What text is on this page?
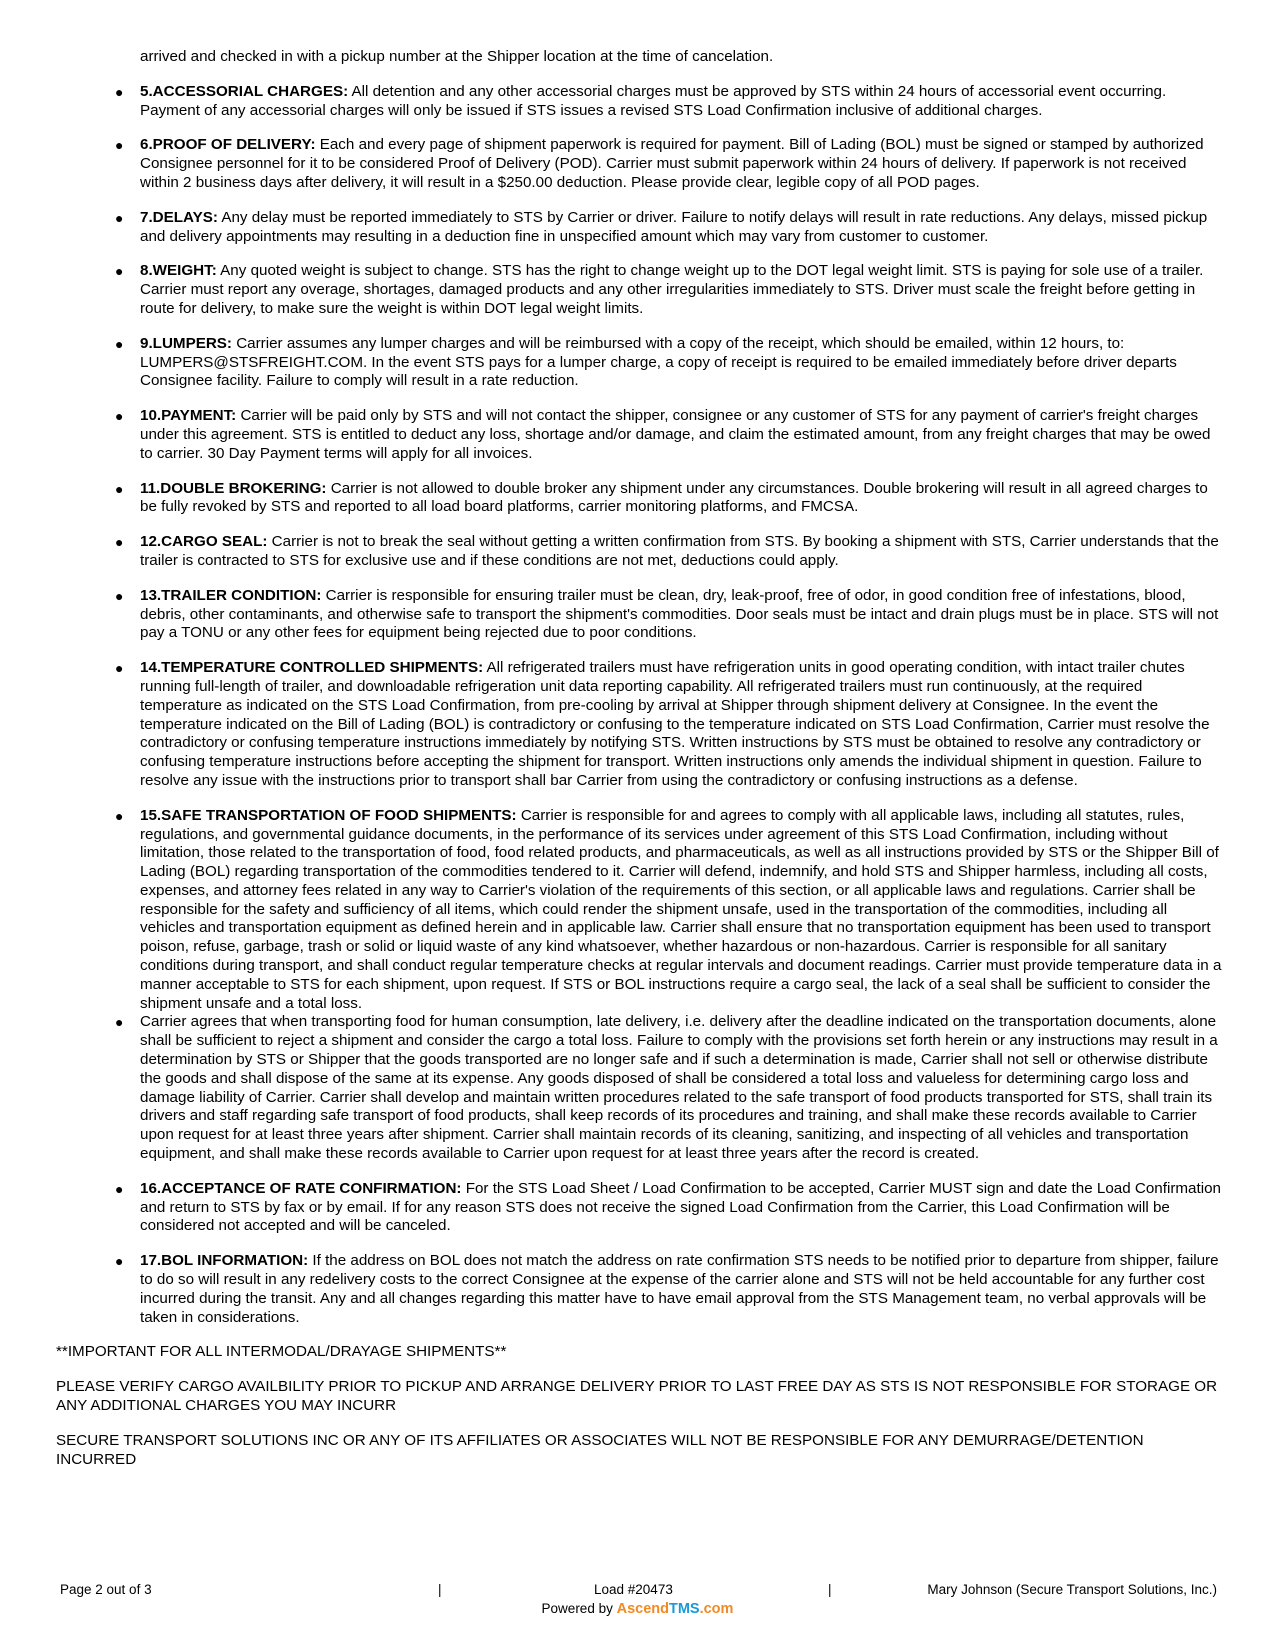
arrived and checked in with a pickup number at the Shipper location at the time of cancelation.
● 5.ACCESSORIAL CHARGES: All detention and any other accessorial charges must be approved by STS within 24 hours of accessorial event occurring. Payment of any accessorial charges will only be issued if STS issues a revised STS Load Confirmation inclusive of additional charges.
● 6.PROOF OF DELIVERY: Each and every page of shipment paperwork is required for payment. Bill of Lading (BOL) must be signed or stamped by authorized Consignee personnel for it to be considered Proof of Delivery (POD). Carrier must submit paperwork within 24 hours of delivery. If paperwork is not received within 2 business days after delivery, it will result in a $250.00 deduction. Please provide clear, legible copy of all POD pages.
● 7.DELAYS: Any delay must be reported immediately to STS by Carrier or driver. Failure to notify delays will result in rate reductions. Any delays, missed pickup and delivery appointments may resulting in a deduction fine in unspecified amount which may vary from customer to customer.
● 8.WEIGHT: Any quoted weight is subject to change. STS has the right to change weight up to the DOT legal weight limit. STS is paying for sole use of a trailer. Carrier must report any overage, shortages, damaged products and any other irregularities immediately to STS. Driver must scale the freight before getting in route for delivery, to make sure the weight is within DOT legal weight limits.
● 9.LUMPERS: Carrier assumes any lumper charges and will be reimbursed with a copy of the receipt, which should be emailed, within 12 hours, to: LUMPERS@STSFREIGHT.COM. In the event STS pays for a lumper charge, a copy of receipt is required to be emailed immediately before driver departs Consignee facility. Failure to comply will result in a rate reduction.
● 10.PAYMENT: Carrier will be paid only by STS and will not contact the shipper, consignee or any customer of STS for any payment of carrier's freight charges under this agreement. STS is entitled to deduct any loss, shortage and/or damage, and claim the estimated amount, from any freight charges that may be owed to carrier. 30 Day Payment terms will apply for all invoices.
● 11.DOUBLE BROKERING: Carrier is not allowed to double broker any shipment under any circumstances. Double brokering will result in all agreed charges to be fully revoked by STS and reported to all load board platforms, carrier monitoring platforms, and FMCSA.
● 12.CARGO SEAL: Carrier is not to break the seal without getting a written confirmation from STS. By booking a shipment with STS, Carrier understands that the trailer is contracted to STS for exclusive use and if these conditions are not met, deductions could apply.
● 13.TRAILER CONDITION: Carrier is responsible for ensuring trailer must be clean, dry, leak-proof, free of odor, in good condition free of infestations, blood, debris, other contaminants, and otherwise safe to transport the shipment's commodities. Door seals must be intact and drain plugs must be in place. STS will not pay a TONU or any other fees for equipment being rejected due to poor conditions.
● 14.TEMPERATURE CONTROLLED SHIPMENTS: All refrigerated trailers must have refrigeration units in good operating condition, with intact trailer chutes running full-length of trailer, and downloadable refrigeration unit data reporting capability. All refrigerated trailers must run continuously, at the required temperature as indicated on the STS Load Confirmation, from pre-cooling by arrival at Shipper through shipment delivery at Consignee. In the event the temperature indicated on the Bill of Lading (BOL) is contradictory or confusing to the temperature indicated on STS Load Confirmation, Carrier must resolve the contradictory or confusing temperature instructions immediately by notifying STS. Written instructions by STS must be obtained to resolve any contradictory or confusing temperature instructions before accepting the shipment for transport. Written instructions only amends the individual shipment in question. Failure to resolve any issue with the instructions prior to transport shall bar Carrier from using the contradictory or confusing instructions as a defense.
● 15.SAFE TRANSPORTATION OF FOOD SHIPMENTS: Carrier is responsible for and agrees to comply with all applicable laws, including all statutes, rules, regulations, and governmental guidance documents, in the performance of its services under agreement of this STS Load Confirmation, including without limitation, those related to the transportation of food, food related products, and pharmaceuticals, as well as all instructions provided by STS or the Shipper Bill of Lading (BOL) regarding transportation of the commodities tendered to it. Carrier will defend, indemnify, and hold STS and Shipper harmless, including all costs, expenses, and attorney fees related in any way to Carrier's violation of the requirements of this section, or all applicable laws and regulations. Carrier shall be responsible for the safety and sufficiency of all items, which could render the shipment unsafe, used in the transportation of the commodities, including all vehicles and transportation equipment as defined herein and in applicable law. Carrier shall ensure that no transportation equipment has been used to transport poison, refuse, garbage, trash or solid or liquid waste of any kind whatsoever, whether hazardous or non-hazardous. Carrier is responsible for all sanitary conditions during transport, and shall conduct regular temperature checks at regular intervals and document readings. Carrier must provide temperature data in a manner acceptable to STS for each shipment, upon request. If STS or BOL instructions require a cargo seal, the lack of a seal shall be sufficient to consider the shipment unsafe and a total loss.
● Carrier agrees that when transporting food for human consumption, late delivery, i.e. delivery after the deadline indicated on the transportation documents, alone shall be sufficient to reject a shipment and consider the cargo a total loss. Failure to comply with the provisions set forth herein or any instructions may result in a determination by STS or Shipper that the goods transported are no longer safe and if such a determination is made, Carrier shall not sell or otherwise distribute the goods and shall dispose of the same at its expense. Any goods disposed of shall be considered a total loss and valueless for determining cargo loss and damage liability of Carrier. Carrier shall develop and maintain written procedures related to the safe transport of food products transported for STS, shall train its drivers and staff regarding safe transport of food products, shall keep records of its procedures and training, and shall make these records available to Carrier upon request for at least three years after shipment. Carrier shall maintain records of its cleaning, sanitizing, and inspecting of all vehicles and transportation equipment, and shall make these records available to Carrier upon request for at least three years after the record is created.
● 16.ACCEPTANCE OF RATE CONFIRMATION: For the STS Load Sheet / Load Confirmation to be accepted, Carrier MUST sign and date the Load Confirmation and return to STS by fax or by email. If for any reason STS does not receive the signed Load Confirmation from the Carrier, this Load Confirmation will be considered not accepted and will be canceled.
● 17.BOL INFORMATION: If the address on BOL does not match the address on rate confirmation STS needs to be notified prior to departure from shipper, failure to do so will result in any redelivery costs to the correct Consignee at the expense of the carrier alone and STS will not be held accountable for any further cost incurred during the transit. Any and all changes regarding this matter have to have email approval from the STS Management team, no verbal approvals will be taken in considerations.
**IMPORTANT FOR ALL INTERMODAL/DRAYAGE SHIPMENTS**
PLEASE VERIFY CARGO AVAILBILITY PRIOR TO PICKUP AND ARRANGE DELIVERY PRIOR TO LAST FREE DAY AS STS IS NOT RESPONSIBLE FOR STORAGE OR ANY ADDITIONAL CHARGES YOU MAY INCURR
SECURE TRANSPORT SOLUTIONS INC OR ANY OF ITS AFFILIATES OR ASSOCIATES WILL NOT BE RESPONSIBLE FOR ANY DEMURRAGE/DETENTION INCURRED
Page 2 out of 3	|	Load #20473	|	Mary Johnson (Secure Transport Solutions, Inc.)
Powered by AscendTMS.com
